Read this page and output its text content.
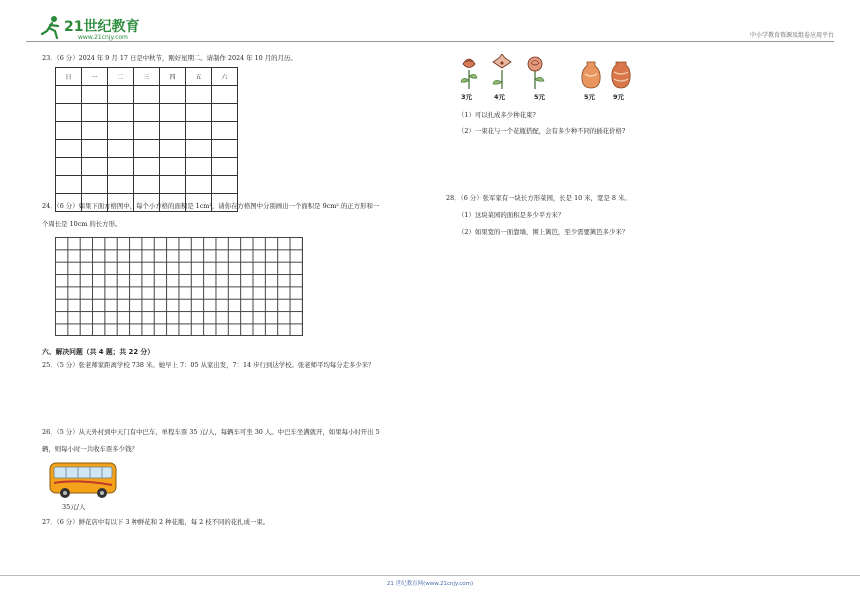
21世纪教育
www.21cnjy.com	中小学教育资源及组卷应用平台
23．（6 分）2024 年 9 月 17 日是中秋节，刚好星期二。请制作 2024 年 10 月的月历。
日	一	二	三	四	五	六

24．（6 分）如果下面方格图中，每个小方格的面积是 1cm²，请你在方格图中分别画出一个面积是 9cm² 的正方形和一
个周长是 10cm 的长方形。
六、解决问题（共 4 题；共 22 分）
25．（5 分）张老师家距离学校 738 米。她早上 7：05 从家出发，7：14 步行到达学校。张老师平均每分走多少米？
26．（5 分）从天外村到中天门有中巴车，单程车票 35 元/人，每辆车可坐 30 人。中巴车坐满就开，如果每小时开出 5
辆，则每小时一共收车票多少钱？
35元/人
27．（6 分）鲜花店中有以下 3 种鲜花和 2 种花瓶，每 2 枝不同的花扎成一束。
3元	4元	5元	5元	9元
（1）可以扎成多少种花束?
（2）一束花与一个花瓶搭配，会有多少种不同的插花价格?
28．（6 分）张军家有一块长方形菜园，长是 10 米，宽是 8 米。
（1）这块菜园的面积是多少平方米？
（2）如果宽的一面靠墙，围上篱笆，至少需要篱笆多少米？
21 世纪教育网(www.21cnjy.com)
